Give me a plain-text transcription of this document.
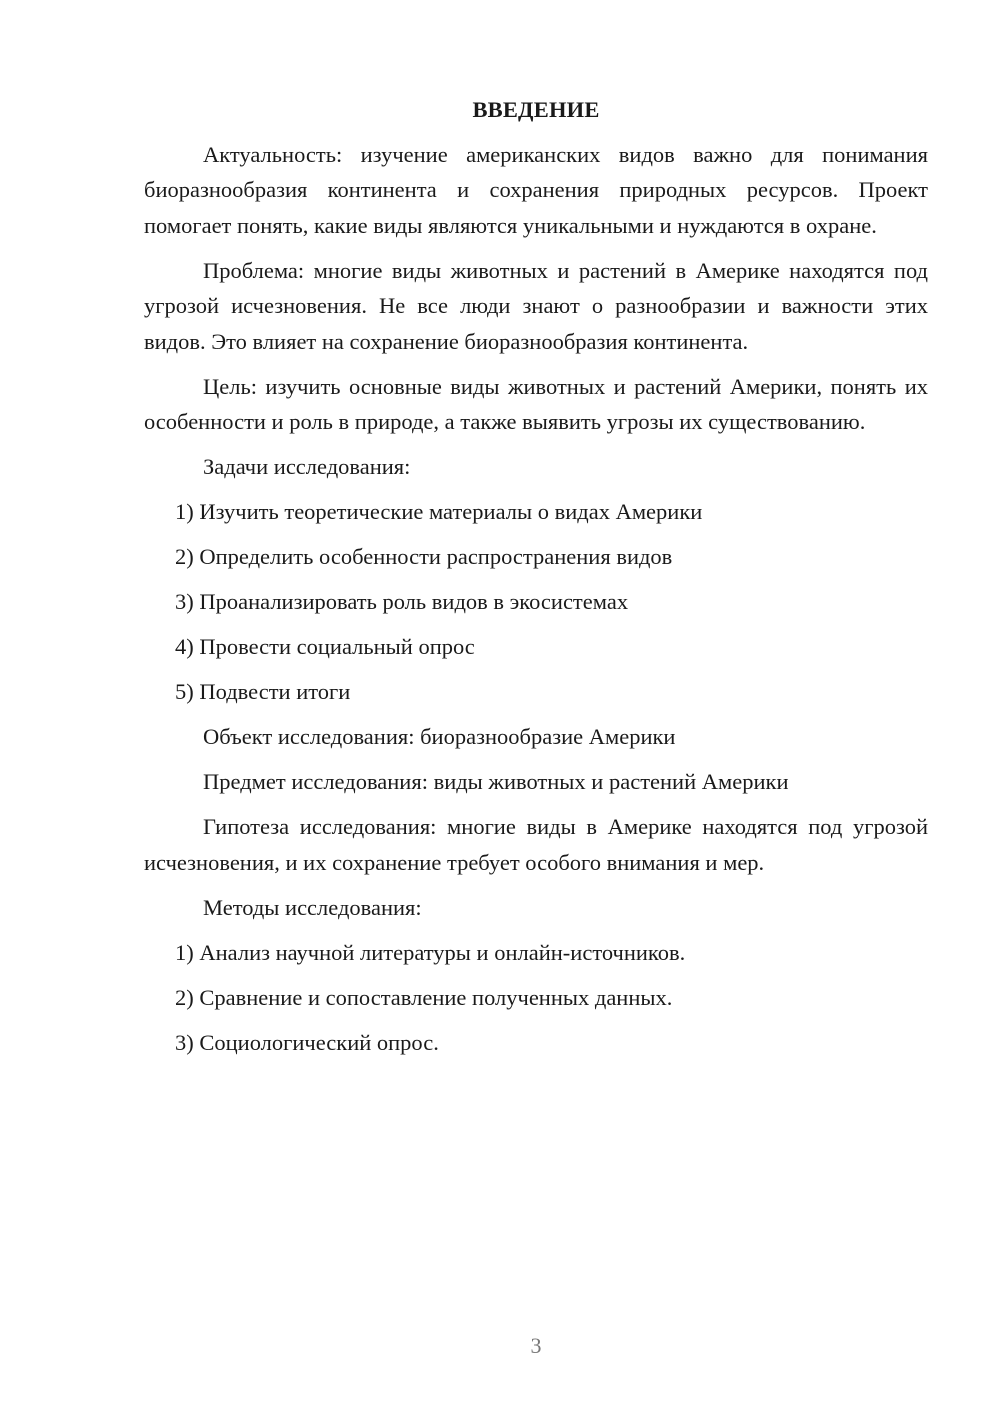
ВВЕДЕНИЕ

Актуальность: изучение американских видов важно для понимания биоразнообразия континента и сохранения природных ресурсов. Проект помогает понять, какие виды являются уникальными и нуждаются в охране.

Проблема: многие виды животных и растений в Америке находятся под угрозой исчезновения. Не все люди знают о разнообразии и важности этих видов. Это влияет на сохранение биоразнообразия континента.

Цель: изучить основные виды животных и растений Америки, понять их особенности и роль в природе, а также выявить угрозы их существованию.

Задачи исследования:
1) Изучить теоретические материалы о видах Америки
2) Определить особенности распространения видов
3) Проанализировать роль видов в экосистемах
4) Провести социальный опрос
5) Подвести итоги
Объект исследования: биоразнообразие Америки
Предмет исследования: виды животных и растений Америки

Гипотеза исследования: многие виды в Америке находятся под угрозой исчезновения, и их сохранение требует особого внимания и мер.

Методы исследования:
1) Анализ научной литературы и онлайн-источников.
2) Сравнение и сопоставление полученных данных.
3) Социологический опрос.
3
